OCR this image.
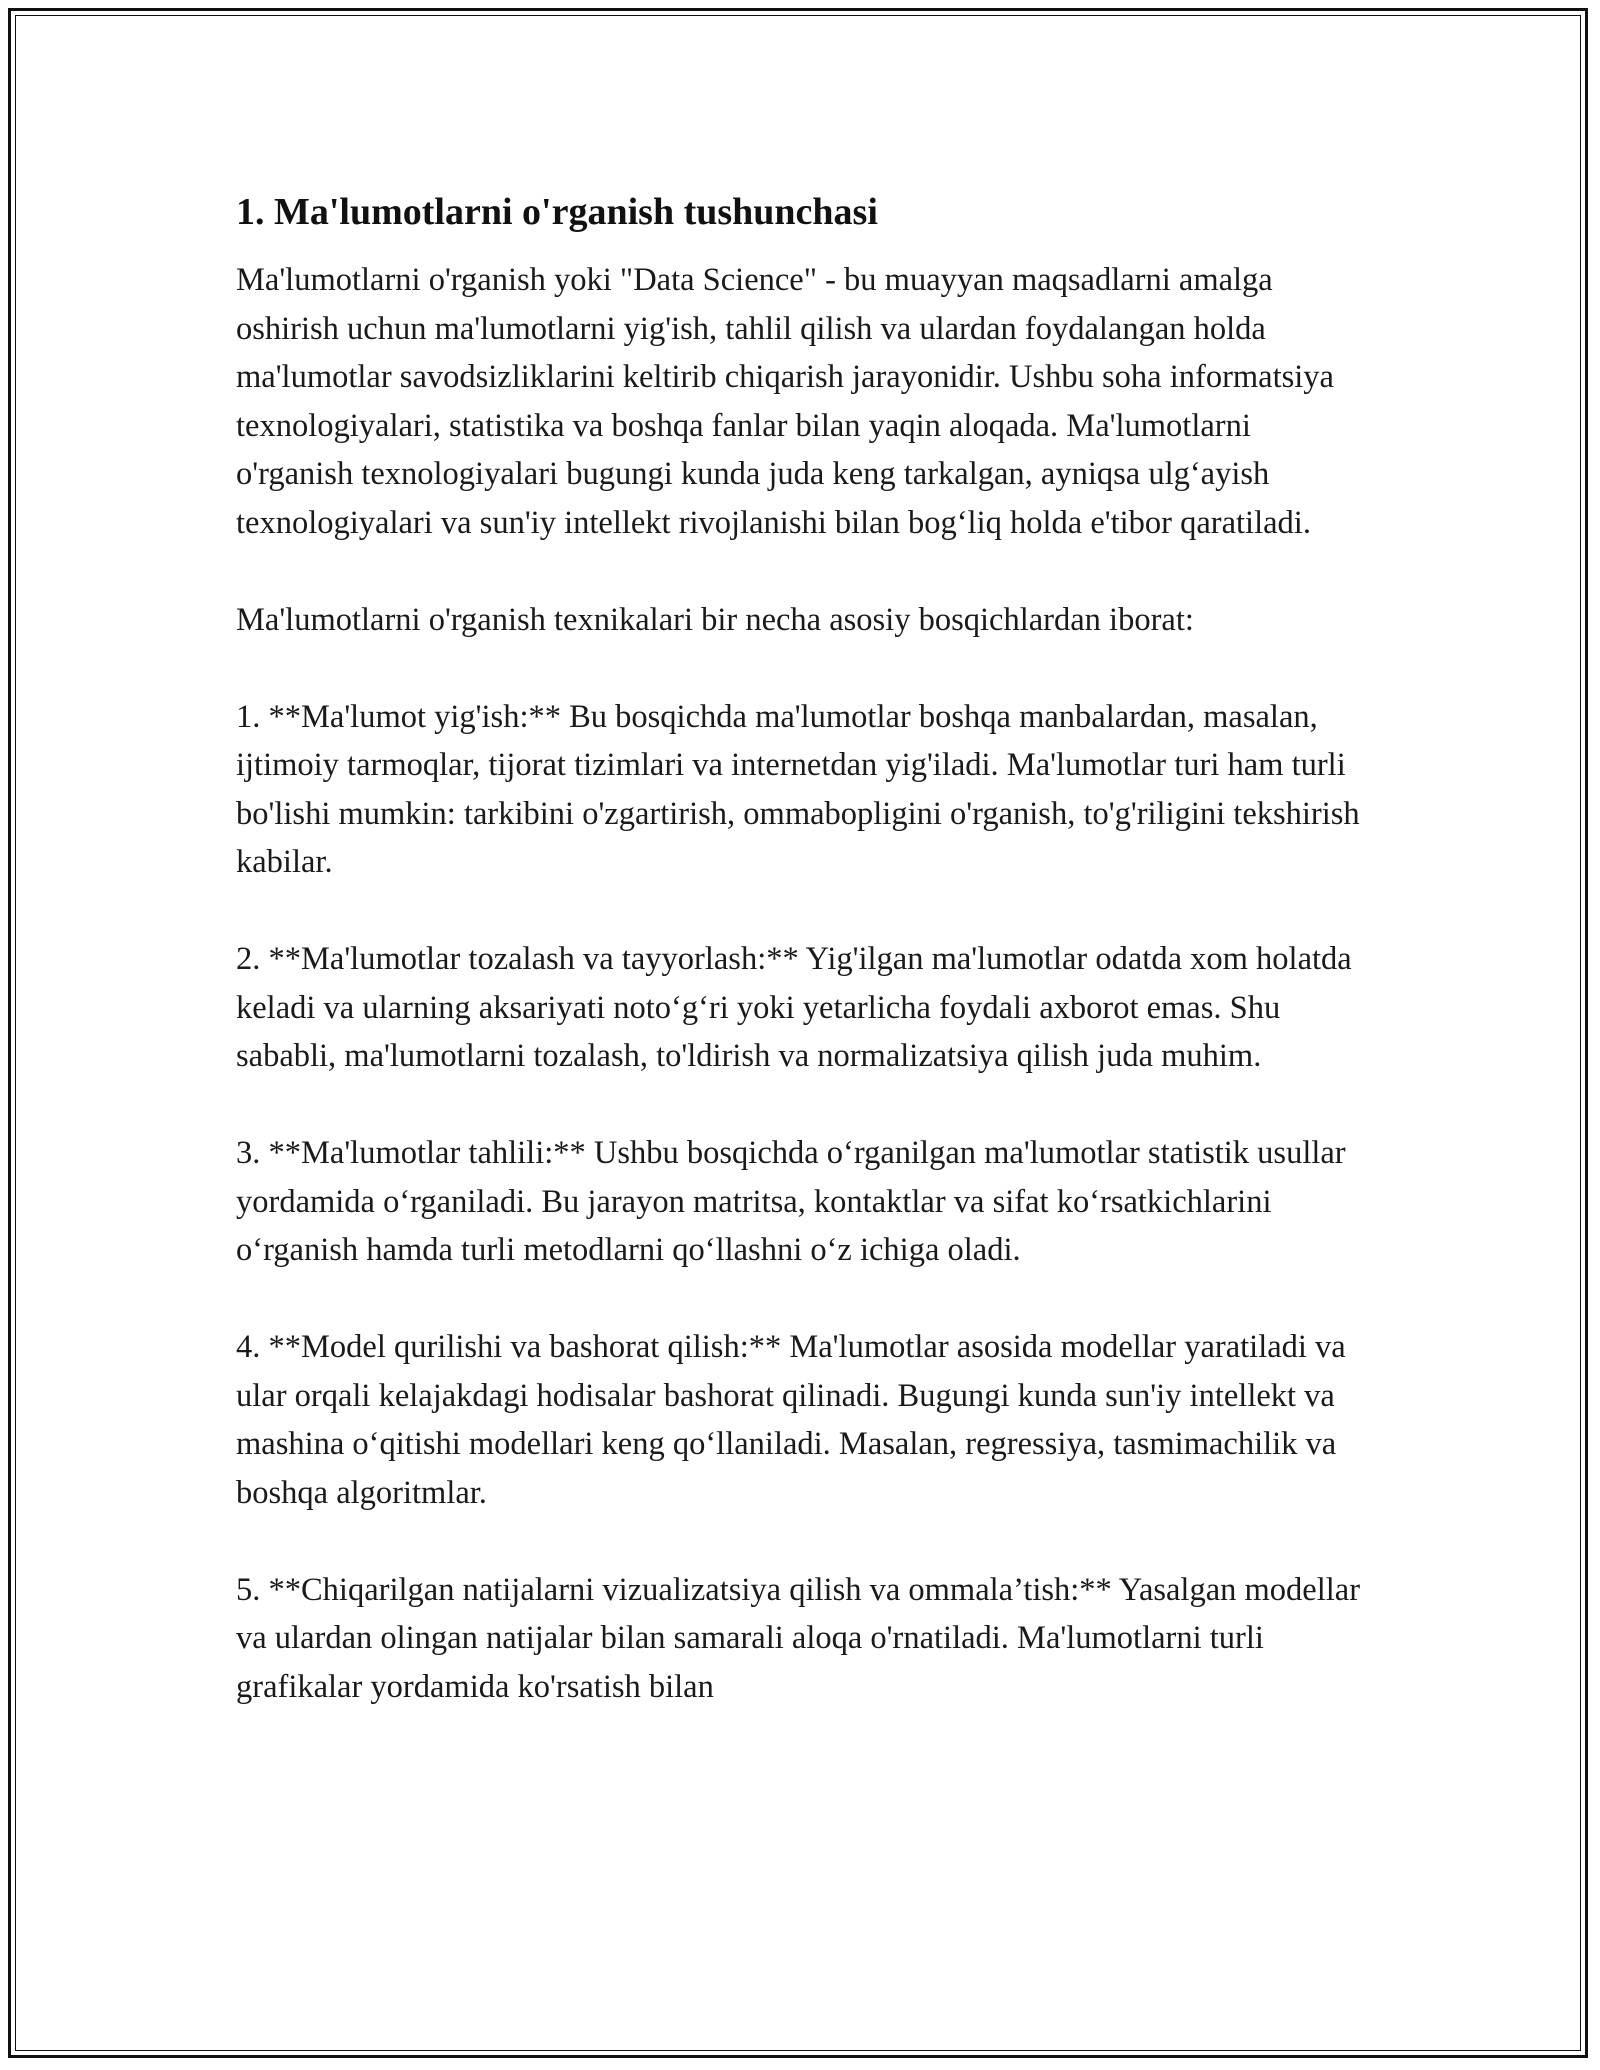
1. Ma'lumotlarni o'rganish tushunchasi

Ma'lumotlarni o'rganish yoki "Data Science" - bu muayyan maqsadlarni amalga oshirish uchun ma'lumotlarni yig'ish, tahlil qilish va ulardan foydalangan holda ma'lumotlar savodsizliklarini keltirib chiqarish jarayonidir. Ushbu soha informatsiya texnologiyalari, statistika va boshqa fanlar bilan yaqin aloqada. Ma'lumotlarni o'rganish texnologiyalari bugungi kunda juda keng tarkalgan, ayniqsa ulg‘ayish texnologiyalari va sun'iy intellekt rivojlanishi bilan bog‘liq holda e'tibor qaratiladi.

Ma'lumotlarni o'rganish texnikalari bir necha asosiy bosqichlardan iborat:

1. **Ma'lumot yig'ish:** Bu bosqichda ma'lumotlar boshqa manbalardan, masalan, ijtimoiy tarmoqlar, tijorat tizimlari va internetdan yig'iladi. Ma'lumotlar turi ham turli bo'lishi mumkin: tarkibini o'zgartirish, ommabopligini o'rganish, to'g'riligini tekshirish kabilar.

2. **Ma'lumotlar tozalash va tayyorlash:** Yig'ilgan ma'lumotlar odatda xom holatda keladi va ularning aksariyati noto‘g‘ri yoki yetarlicha foydali axborot emas. Shu sababli, ma'lumotlarni tozalash, to'ldirish va normalizatsiya qilish juda muhim.

3. **Ma'lumotlar tahlili:** Ushbu bosqichda o‘rganilgan ma'lumotlar statistik usullar yordamida o‘rganiladi. Bu jarayon matritsa, kontaktlar va sifat ko‘rsatkichlarini o‘rganish hamda turli metodlarni qo‘llashni o‘z ichiga oladi.

4. **Model qurilishi va bashorat qilish:** Ma'lumotlar asosida modellar yaratiladi va ular orqali kelajakdagi hodisalar bashorat qilinadi. Bugungi kunda sun'iy intellekt va mashina o‘qitishi modellari keng qo‘llaniladi. Masalan, regressiya, tasmimachilik va boshqa algoritmlar.

5. **Chiqarilgan natijalarni vizualizatsiya qilish va ommala’tish:** Yasalgan modellar va ulardan olingan natijalar bilan samarali aloqa o'rnatiladi. Ma'lumotlarni turli grafikalar yordamida ko'rsatish bilan
